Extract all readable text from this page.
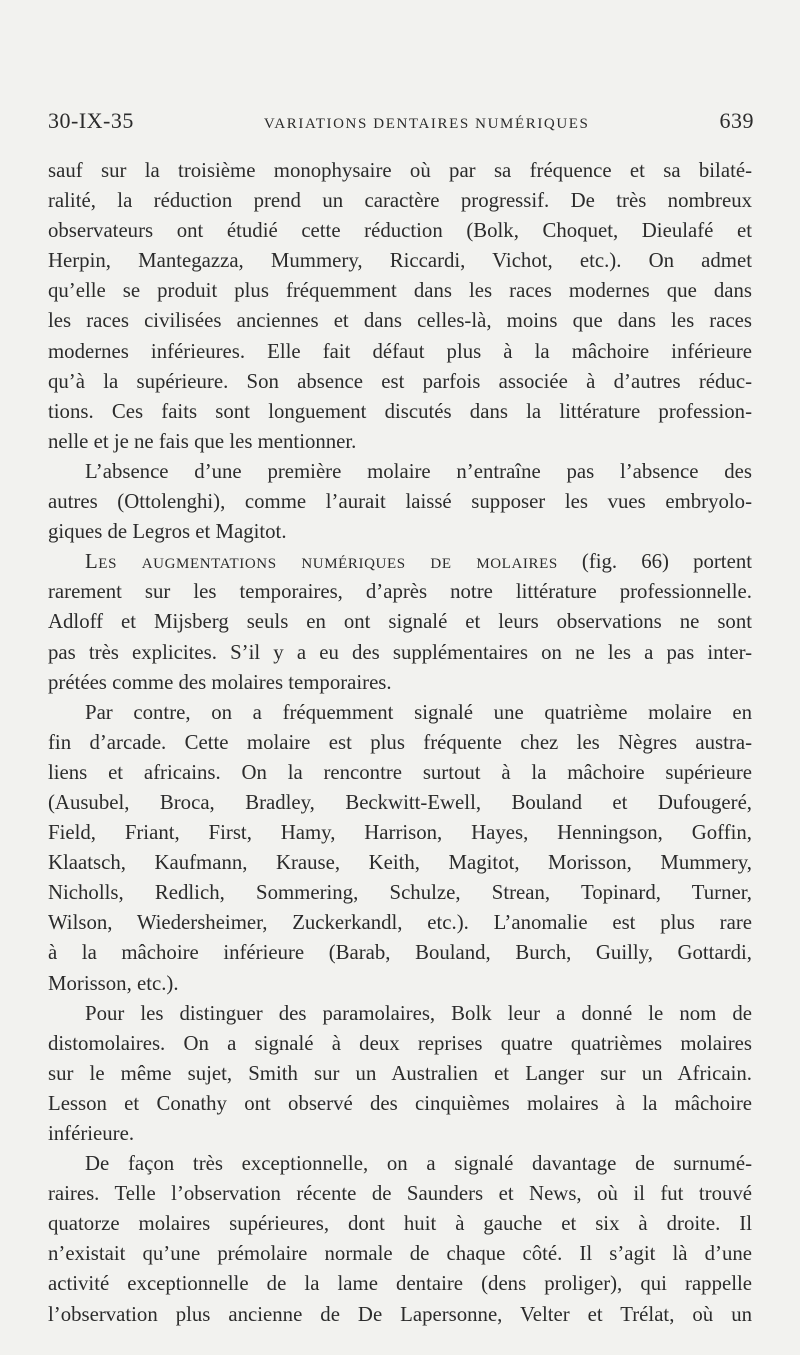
30-IX-35	VARIATIONS DENTAIRES NUMÉRIQUES	639
sauf sur la troisième monophysaire où par sa fréquence et sa bilaté-
ralité, la réduction prend un caractère progressif. De très nombreux
observateurs ont étudié cette réduction (Bolk, Choquet, Dieulafé et
Herpin, Mantegazza, Mummery, Riccardi, Vichot, etc.). On admet
qu’elle se produit plus fréquemment dans les races modernes que dans
les races civilisées anciennes et dans celles-là, moins que dans les races
modernes inférieures. Elle fait défaut plus à la mâchoire inférieure
qu’à la supérieure. Son absence est parfois associée à d’autres réduc-
tions. Ces faits sont longuement discutés dans la littérature profession-
nelle et je ne fais que les mentionner.
L’absence d’une première molaire n’entraîne pas l’absence des
autres (Ottolenghi), comme l’aurait laissé supposer les vues embryolo-
giques de Legros et Magitot.
Les augmentations numériques de molaires (fig. 66) portent
rarement sur les temporaires, d’après notre littérature professionnelle.
Adloff et Mijsberg seuls en ont signalé et leurs observations ne sont
pas très explicites. S’il y a eu des supplémentaires on ne les a pas inter-
prétées comme des molaires temporaires.
Par contre, on a fréquemment signalé une quatrième molaire en
fin d’arcade. Cette molaire est plus fréquente chez les Nègres austra-
liens et africains. On la rencontre surtout à la mâchoire supérieure
(Ausubel, Broca, Bradley, Beckwitt-Ewell, Bouland et Dufougeré,
Field, Friant, First, Hamy, Harrison, Hayes, Henningson, Goffin,
Klaatsch, Kaufmann, Krause, Keith, Magitot, Morisson, Mummery,
Nicholls, Redlich, Sommering, Schulze, Strean, Topinard, Turner,
Wilson, Wiedersheimer, Zuckerkandl, etc.). L’anomalie est plus rare
à la mâchoire inférieure (Barab, Bouland, Burch, Guilly, Gottardi,
Morisson, etc.).
Pour les distinguer des paramolaires, Bolk leur a donné le nom de
distomolaires. On a signalé à deux reprises quatre quatrièmes molaires
sur le même sujet, Smith sur un Australien et Langer sur un Africain.
Lesson et Conathy ont observé des cinquièmes molaires à la mâchoire
inférieure.
De façon très exceptionnelle, on a signalé davantage de surnumé-
raires. Telle l’observation récente de Saunders et News, où il fut trouvé
quatorze molaires supérieures, dont huit à gauche et six à droite. Il
n’existait qu’une prémolaire normale de chaque côté. Il s’agit là d’une
activité exceptionnelle de la lame dentaire (dens proliger), qui rappelle
l’observation plus ancienne de De Lapersonne, Velter et Trélat, où un
